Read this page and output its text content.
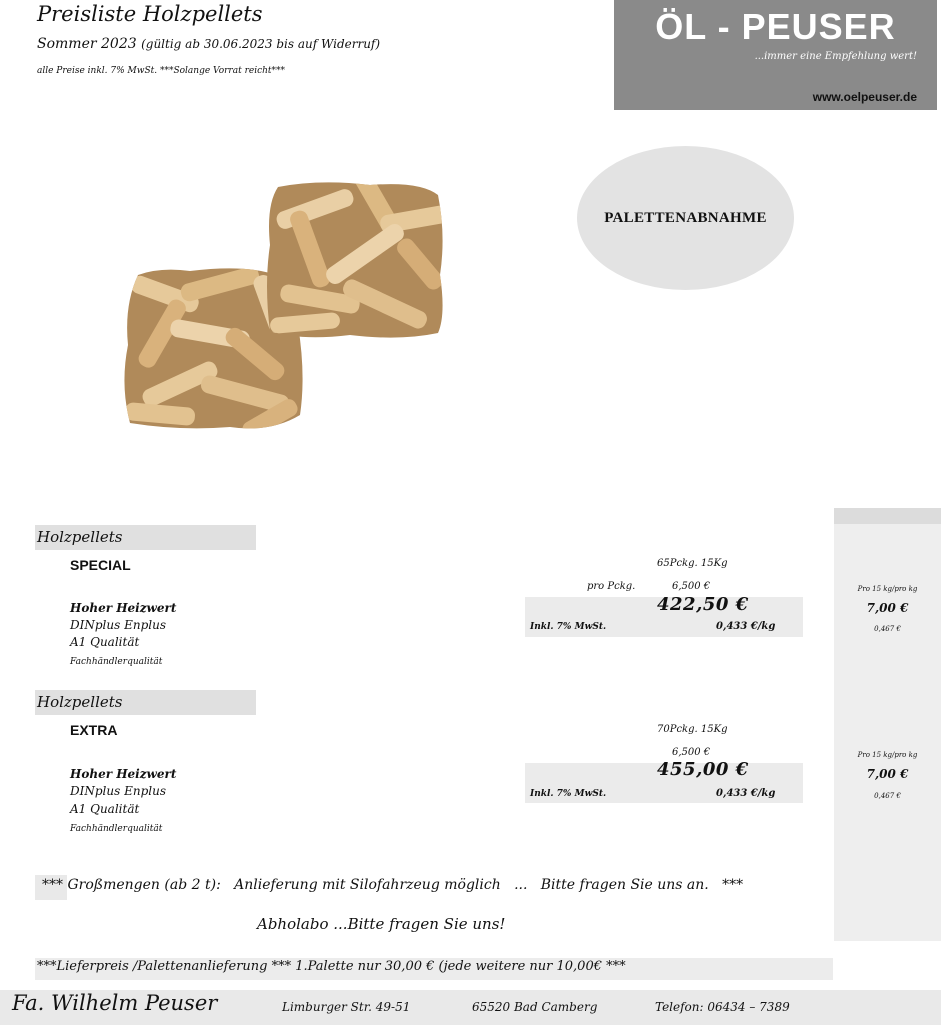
Preisliste Holzpellets
Sommer 2023 (gültig ab 30.06.2023 bis auf Widerruf)
alle Preise inkl. 7% MwSt. ***Solange Vorrat reicht***
ÖL - PEUSER
...immer eine Empfehlung wert!
www.oelpeuser.de
PALETTENABNAHME
Holzpellets
SPECIAL	65Pckg. 15Kg
pro Pckg.	6,500 €
422,50 €
Inkl. 7% MwSt.	0,433 €/kg
Hoher Heizwert
DINplus Enplus
A1 Qualität
Fachhändlerqualität
Pro 15 kg/pro kg
7,00 €
0,467 €
Holzpellets
EXTRA	70Pckg. 15Kg
6,500 €
455,00 €
Inkl. 7% MwSt.	0,433 €/kg
Hoher Heizwert
DINplus Enplus
A1 Qualität
Fachhändlerqualität
Pro 15 kg/pro kg
7,00 €
0,467 €
*** Großmengen (ab 2 t):   Anlieferung mit Silofahrzeug möglich   ...   Bitte fragen Sie uns an.   ***
Abholabo ...Bitte fragen Sie uns!
***Lieferpreis /Palettenanlieferung *** 1.Palette nur 30,00 € (jede weitere nur 10,00€ ***
Fa. Wilhelm Peuser	Limburger Str. 49-51	65520 Bad Camberg	Telefon: 06434 – 7389
